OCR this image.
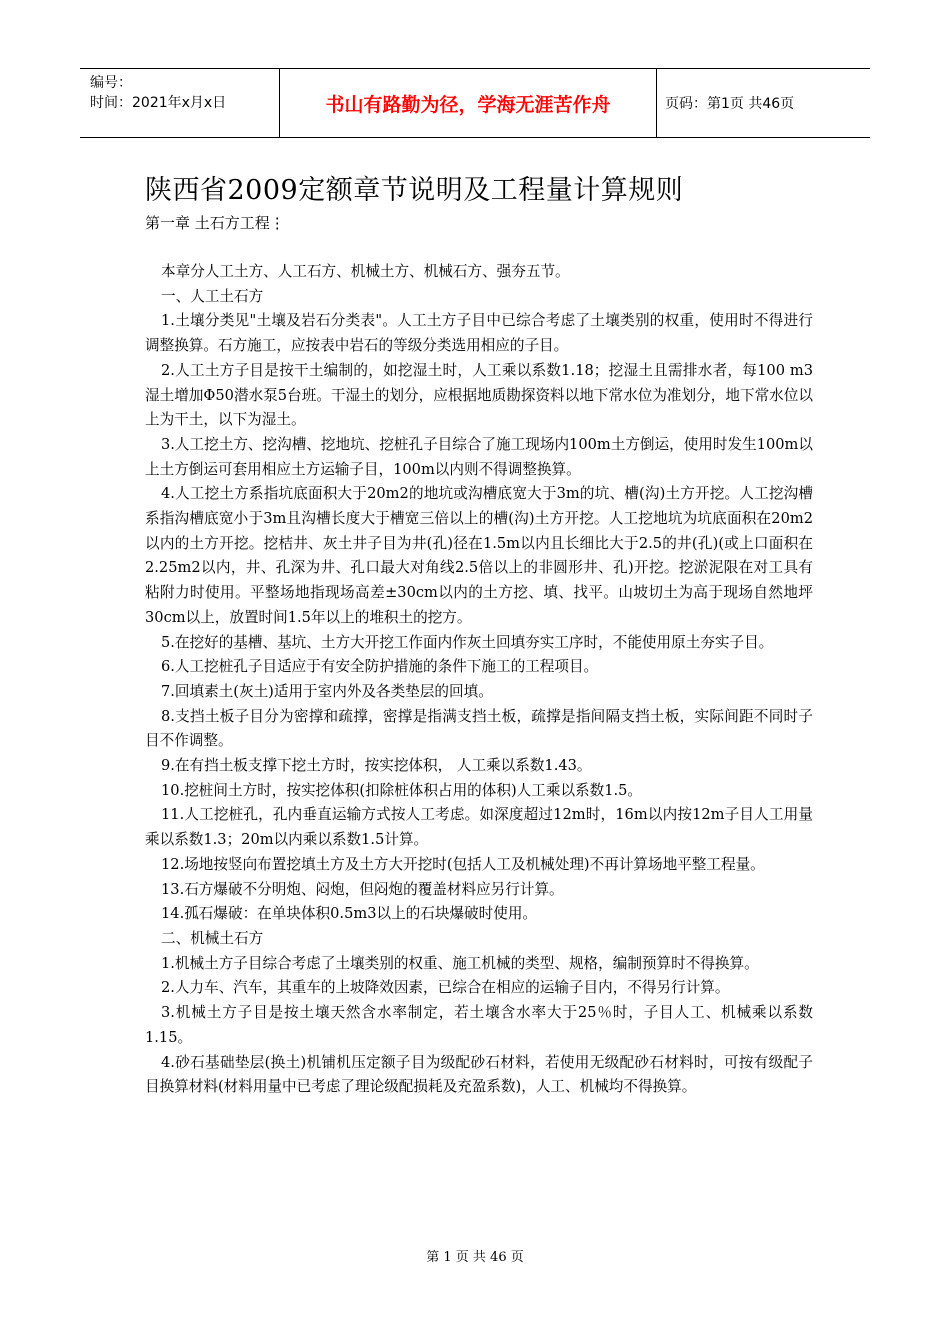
编号：
时间：2021年x月x日	书山有路勤为径，学海无涯苦作舟	页码：第1页 共46页
陕西省2009定额章节说明及工程量计算规则
第一章 土石方工程⋮

本章分人工土方、人工石方、机械土方、机械石方、强夯五节。

一、人工土石方

1.土壤分类见"土壤及岩石分类表"。人工土方子目中已综合考虑了土壤类别的权重，使用时不得进行调整换算。石方施工，应按表中岩石的等级分类选用相应的子目。

2.人工土方子目是按干土编制的，如挖湿土时，人工乘以系数1.18；挖湿土且需排水者，每100 m3湿土增加Φ50潜水泵5台班。干湿土的划分，应根据地质勘探资料以地下常水位为准划分，地下常水位以上为干土，以下为湿土。

3.人工挖土方、挖沟槽、挖地坑、挖桩孔子目综合了施工现场内100m土方倒运，使用时发生100m以上土方倒运可套用相应土方运输子目，100m以内则不得调整换算。

4.人工挖土方系指坑底面积大于20m2的地坑或沟槽底宽大于3m的坑、槽(沟)土方开挖。人工挖沟槽系指沟槽底宽小于3m且沟槽长度大于槽宽三倍以上的槽(沟)土方开挖。人工挖地坑为坑底面积在20m2以内的土方开挖。挖桔井、灰土井子目为井(孔)径在1.5m以内且长细比大于2.5的井(孔)(或上口面积在2.25m2以内，井、孔深为井、孔口最大对角线2.5倍以上的非圆形井、孔)开挖。挖淤泥限在对工具有粘附力时使用。平整场地指现场高差±30cm以内的土方挖、填、找平。山坡切土为高于现场自然地坪30cm以上，放置时间1.5年以上的堆积土的挖方。

5.在挖好的基槽、基坑、土方大开挖工作面内作灰土回填夯实工序时，不能使用原土夯实子目。

6.人工挖桩孔子目适应于有安全防护措施的条件下施工的工程项目。

7.回填素土(灰土)适用于室内外及各类垫层的回填。

8.支挡土板子目分为密撑和疏撑，密撑是指满支挡土板，疏撑是指间隔支挡土板，实际间距不同时子目不作调整。

9.在有挡土板支撑下挖土方时，按实挖体积， 人工乘以系数1.43。

10.挖桩间土方时，按实挖体积(扣除桩体积占用的体积)人工乘以系数1.5。

11.人工挖桩孔，孔内垂直运输方式按人工考虑。如深度超过12m时，16m以内按12m子目人工用量乘以系数1.3；20m以内乘以系数1.5计算。

12.场地按竖向布置挖填土方及土方大开挖时(包括人工及机械处理)不再计算场地平整工程量。

13.石方爆破不分明炮、闷炮，但闷炮的覆盖材料应另行计算。

14.孤石爆破：在单块体积0.5m3以上的石块爆破时使用。

二、机械土石方

1.机械土方子目综合考虑了土壤类别的权重、施工机械的类型、规格，编制预算时不得换算。

2.人力车、汽车，其重车的上坡降效因素，已综合在相应的运输子目内，不得另行计算。

3.机械土方子目是按土壤天然含水率制定，若土壤含水率大于25％时，子目人工、机械乘以系数1.15。

4.砂石基础垫层(换土)机铺机压定额子目为级配砂石材料，若使用无级配砂石材料时，可按有级配子目换算材料(材料用量中已考虑了理论级配损耗及充盈系数)，人工、机械均不得换算。

第 1 页 共 46 页
